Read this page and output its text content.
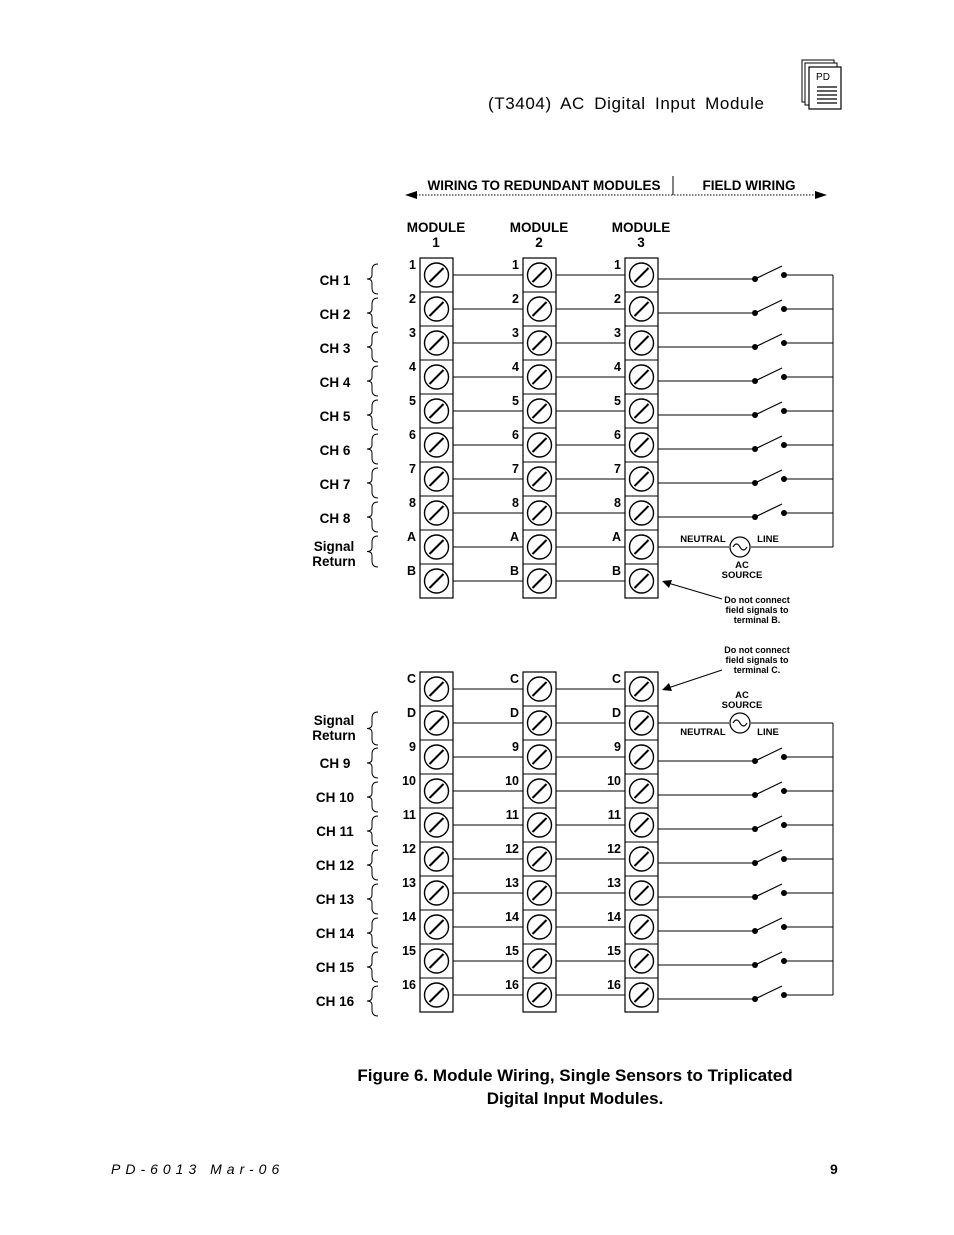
(T3404) AC Digital Input Module
PD
WIRING TO REDUNDANT MODULES	FIELD WIRING
MODULE
1
MODULE
2
MODULE
3
1
2
3
4
5
6
7
8
A
B
1
2
3
4
5
6
7
8
A
B
1
2
3
4
5
6
7
8
A
B
C
D
9
10
11
12
13
14
15
16
C
D
9
10
11
12
13
14
15
16
C
D
9
10
11
12
13
14
15
16
CH 1
CH 2
CH 3
CH 4
CH 5
CH 6
CH 7
CH 8
Signal
Return
Signal
Return
CH 9
CH 10
CH 11
CH 12
CH 13
CH 14
CH 15
CH 16
NEUTRAL	LINE
AC
SOURCE
Do not connect
field signals to
terminal B.
AC
SOURCE
NEUTRAL	LINE
Do not connect
field signals to
terminal C.
Figure 6. Module Wiring, Single Sensors to Triplicated
Digital Input Modules.
PD-6013 Mar-06	9
